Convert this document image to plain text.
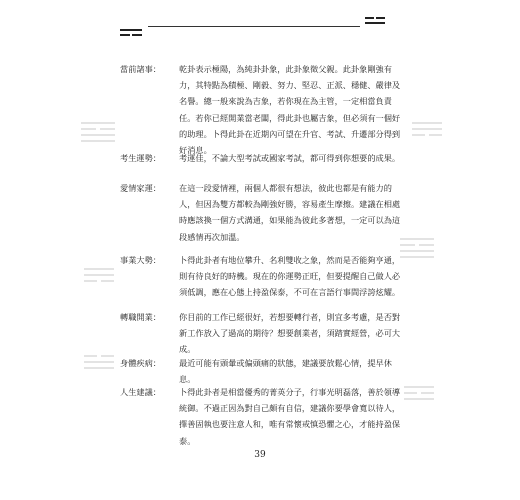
當前諸事：	乾卦表示極陽，為純卦卦象，此卦象徵父親。此卦象剛強有力，其特點為積極、剛毅、努力、堅忍、正派、穩健、嚴律及名譽。總一般來說為吉象，若你現在為主管，一定相當負責任。若你已經開業當老闆，得此卦也屬吉象，但必須有一個好的助理。卜得此卦在近期內可望在升官、考試、升遷部分得到好消息。
考生運勢：	考運佳，不論大型考試或國家考試，都可得到你想要的成果。
愛情家運：	在這一段愛情裡，兩個人都很有想法，彼此也都是有能力的人，但因為雙方都較為剛強好勝，容易產生摩擦。建議在相處時應該換一個方式溝通，如果能為彼此多著想，一定可以為這段感情再次加溫。
事業大勢：	卜得此卦者有地位攀升、名利雙收之象，然而是否能夠亨通，則有待良好的時機。現在的你運勢正旺，但要提醒自己做人必須低調，應在心態上持盈保泰，不可在言語行事間浮誇炫耀。
轉職開業：	你目前的工作已經很好，若想要轉行者，則宜多考慮，是否對新工作放入了過高的期待？想要創業者，須踏實經營，必可大成。
身體疾病：	最近可能有頭暈或偏頭痛的狀態，建議要放鬆心情，提早休息。
人生建議：	卜得此卦者是相當優秀的菁英分子，行事光明磊落，善於領導統御。不過正因為對自己頗有自信，建議你要學會寬以待人，擇善固執也要注意人和，唯有常懷戒慎恐懼之心，才能持盈保泰。
39
